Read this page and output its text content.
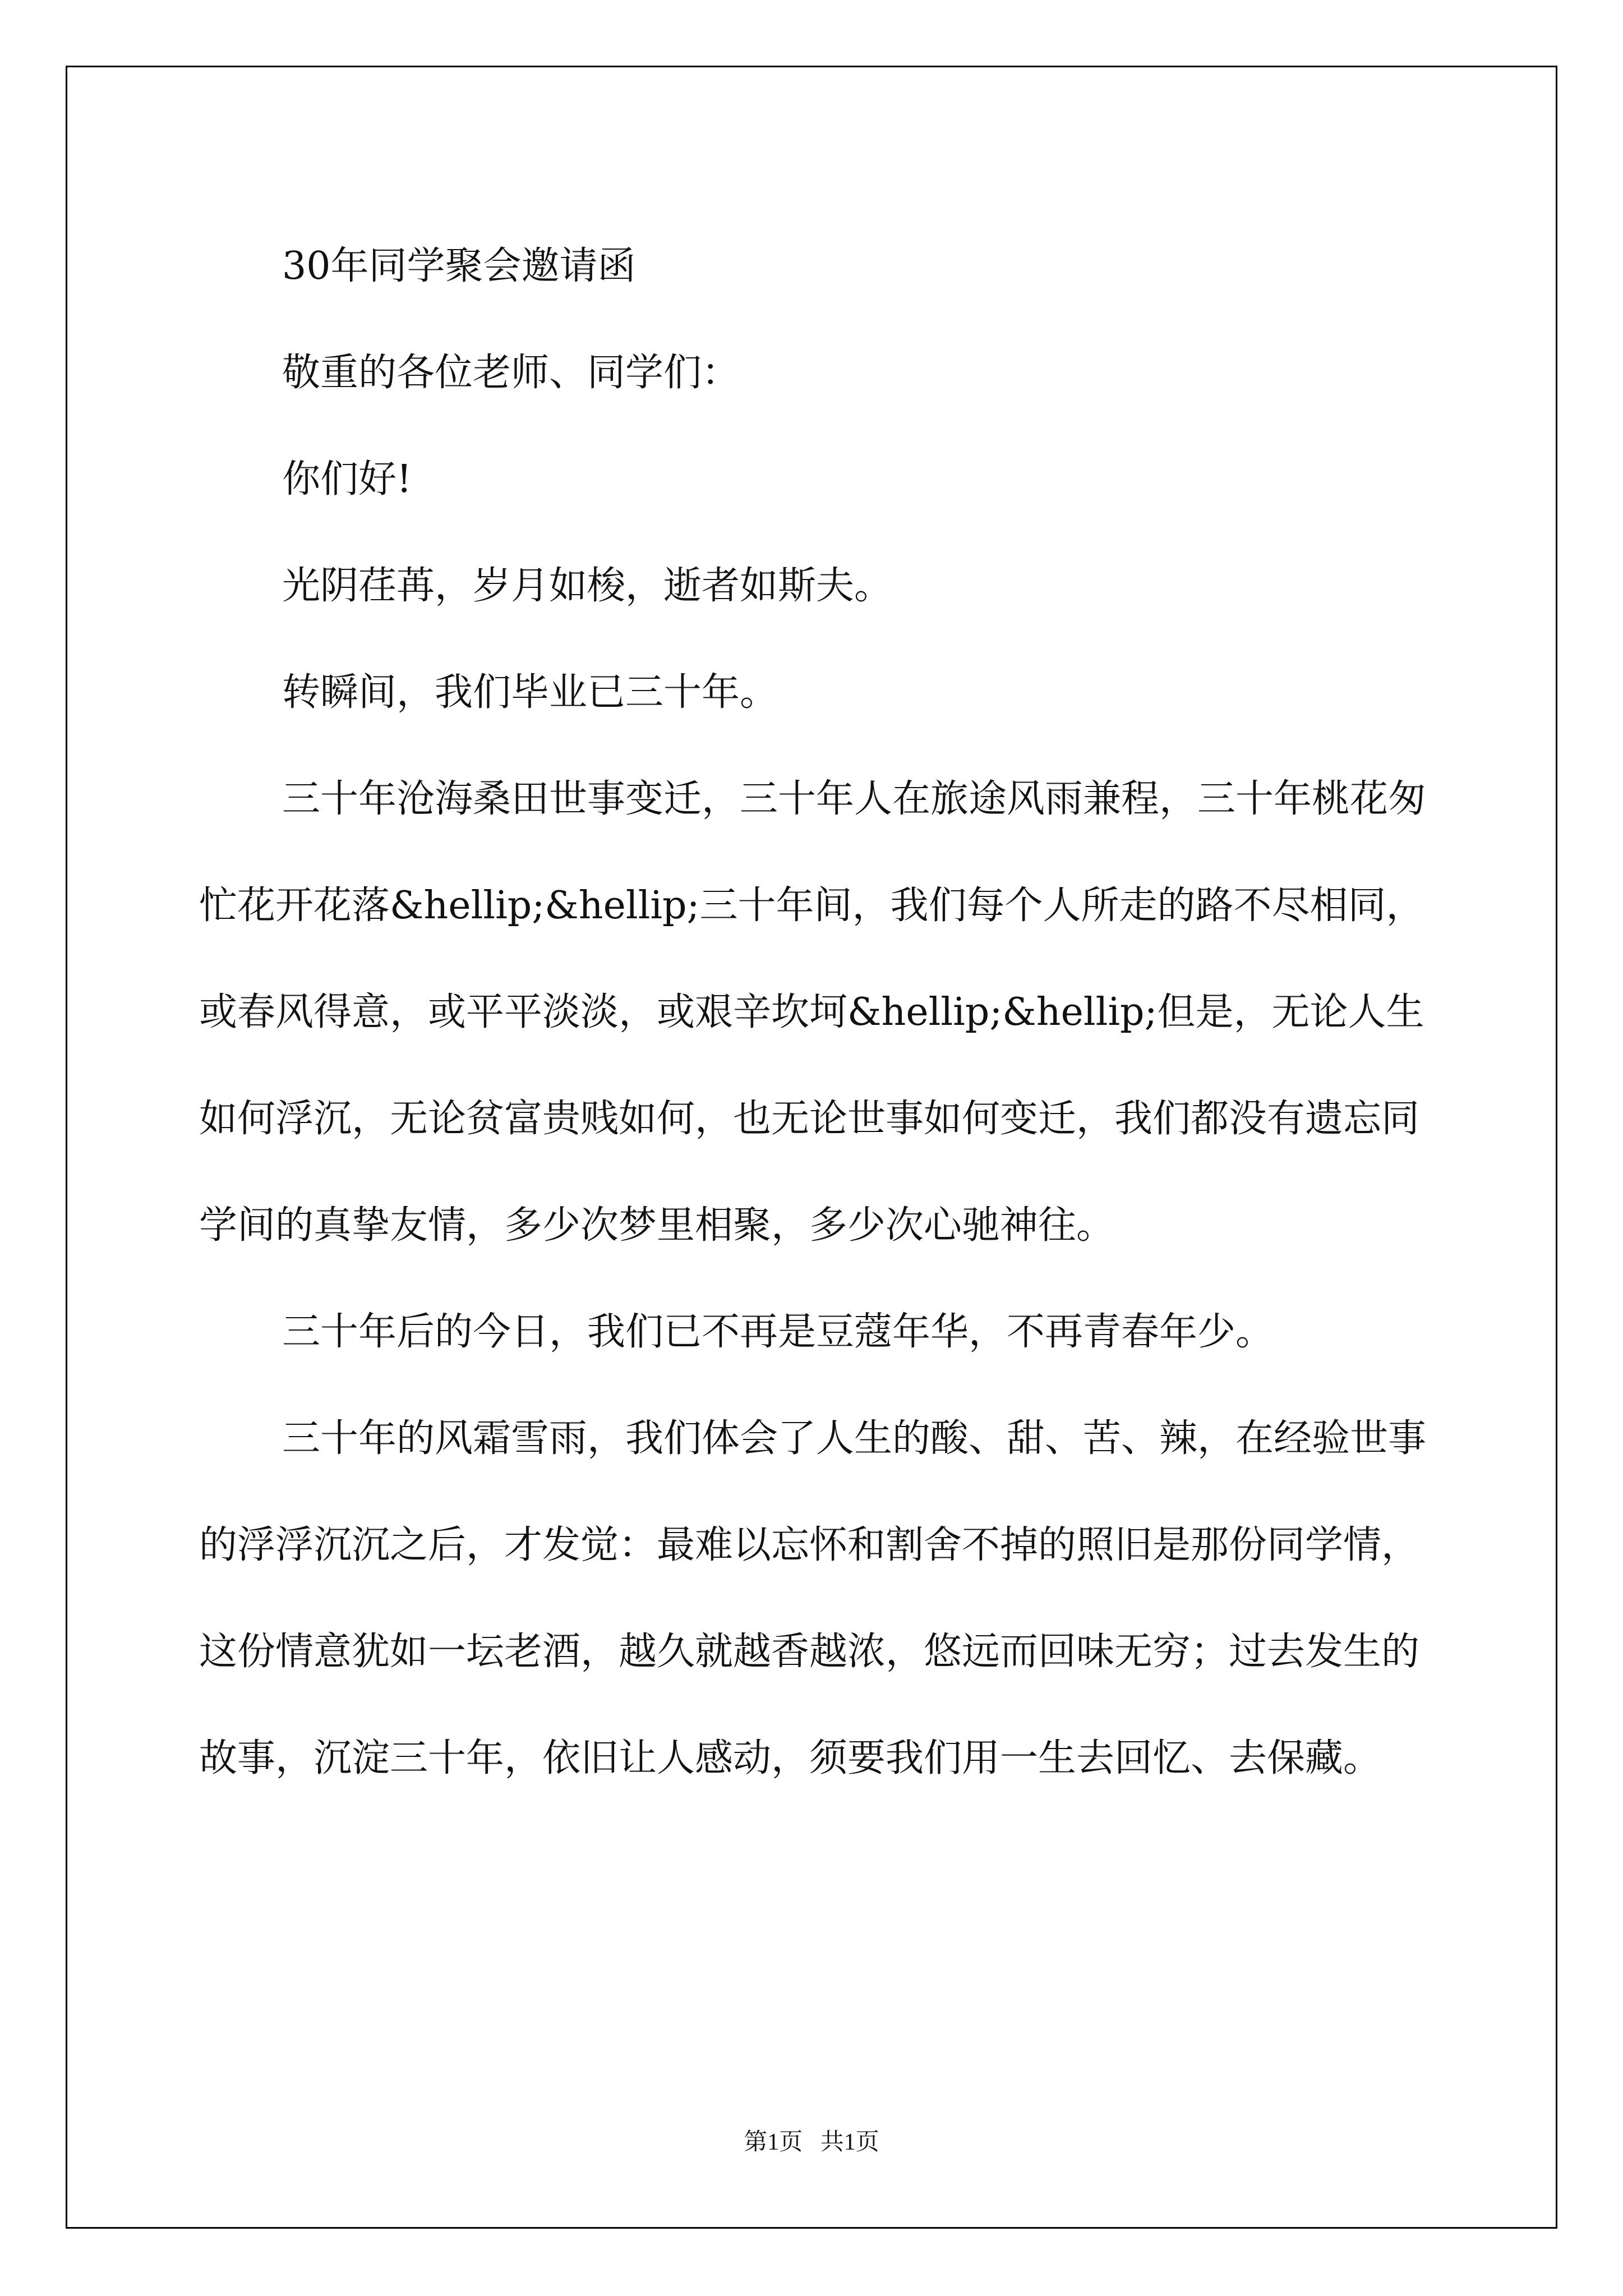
30年同学聚会邀请函

敬重的各位老师、同学们：

你们好!

光阴荏苒，岁月如梭，逝者如斯夫。

转瞬间，我们毕业已三十年。

三十年沧海桑田世事变迁，三十年人在旅途风雨兼程，三十年桃花匆忙花开花落&hellip;&hellip;三十年间，我们每个人所走的路不尽相同，或春风得意，或平平淡淡，或艰辛坎坷&hellip;&hellip;但是，无论人生如何浮沉，无论贫富贵贱如何，也无论世事如何变迁，我们都没有遗忘同学间的真挚友情，多少次梦里相聚，多少次心驰神往。

三十年后的今日，我们已不再是豆蔻年华，不再青春年少。

三十年的风霜雪雨，我们体会了人生的酸、甜、苦、辣，在经验世事的浮浮沉沉之后，才发觉：最难以忘怀和割舍不掉的照旧是那份同学情，这份情意犹如一坛老酒，越久就越香越浓，悠远而回味无穷；过去发生的故事，沉淀三十年，依旧让人感动，须要我们用一生去回忆、去保藏。

第1页 共1页
